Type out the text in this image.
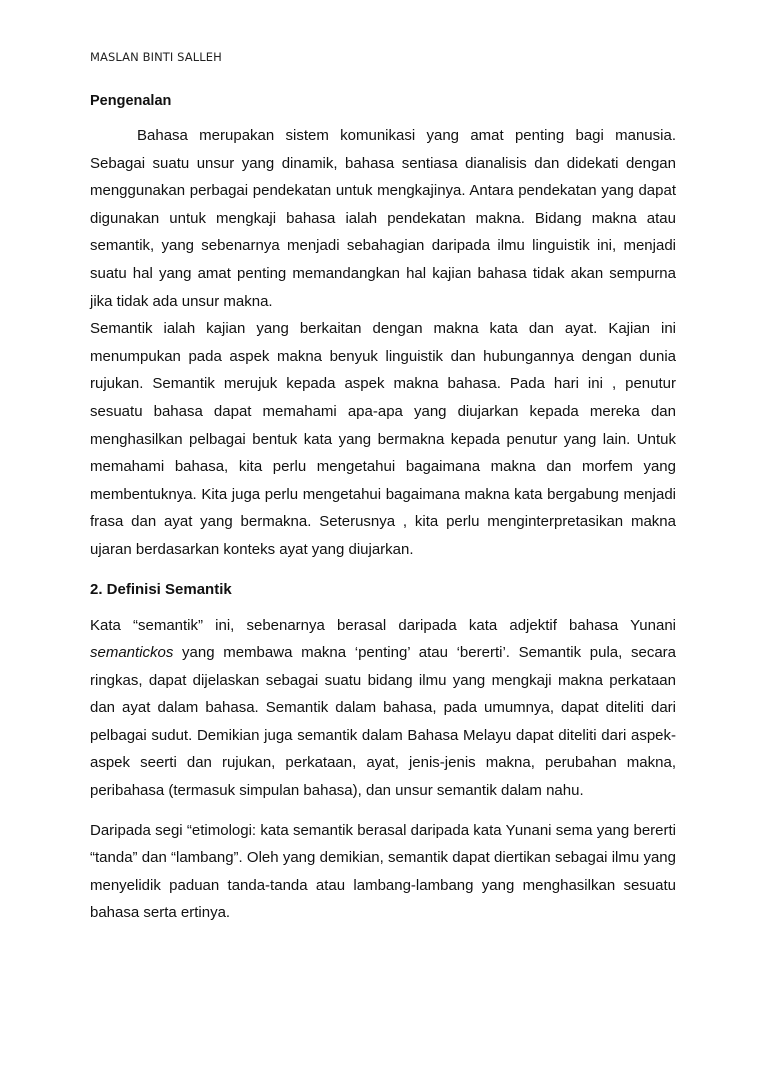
MASLAN BINTI SALLEH
Pengenalan

Bahasa merupakan sistem komunikasi yang amat penting bagi manusia. Sebagai suatu unsur yang dinamik, bahasa sentiasa dianalisis dan didekati dengan menggunakan perbagai pendekatan untuk mengkajinya. Antara pendekatan yang dapat digunakan untuk mengkaji bahasa ialah pendekatan makna. Bidang makna atau semantik, yang sebenarnya menjadi sebahagian daripada ilmu linguistik ini, menjadi suatu hal yang amat penting memandangkan hal kajian bahasa tidak akan sempurna jika tidak ada unsur makna.

Semantik ialah kajian yang berkaitan dengan makna kata dan ayat. Kajian ini menumpukan pada aspek makna benyuk linguistik dan hubungannya dengan dunia rujukan. Semantik merujuk kepada aspek makna bahasa. Pada hari ini , penutur sesuatu bahasa dapat memahami apa-apa yang diujarkan kepada mereka dan menghasilkan pelbagai bentuk kata yang bermakna kepada penutur yang lain. Untuk memahami bahasa, kita perlu mengetahui bagaimana makna dan morfem yang membentuknya. Kita juga perlu mengetahui bagaimana makna kata bergabung menjadi frasa dan ayat yang bermakna. Seterusnya , kita perlu menginterpretasikan makna ujaran berdasarkan konteks ayat yang diujarkan.

2. Definisi Semantik

Kata “semantik” ini, sebenarnya berasal daripada kata adjektif bahasa Yunani semantickos yang membawa makna ‘penting’ atau ‘bererti’. Semantik pula, secara ringkas, dapat dijelaskan sebagai suatu bidang ilmu yang mengkaji makna perkataan dan ayat dalam bahasa. Semantik dalam bahasa, pada umumnya, dapat diteliti dari pelbagai sudut. Demikian juga semantik dalam Bahasa Melayu dapat diteliti dari aspek-aspek seerti dan rujukan, perkataan, ayat, jenis-jenis makna, perubahan makna, peribahasa (termasuk simpulan bahasa), dan unsur semantik dalam nahu.

Daripada segi “etimologi: kata semantik berasal daripada kata Yunani sema yang bererti “tanda” dan “lambang”. Oleh yang demikian, semantik dapat diertikan sebagai ilmu yang menyelidik paduan tanda-tanda atau lambang-lambang yang menghasilkan sesuatu bahasa serta ertinya.
